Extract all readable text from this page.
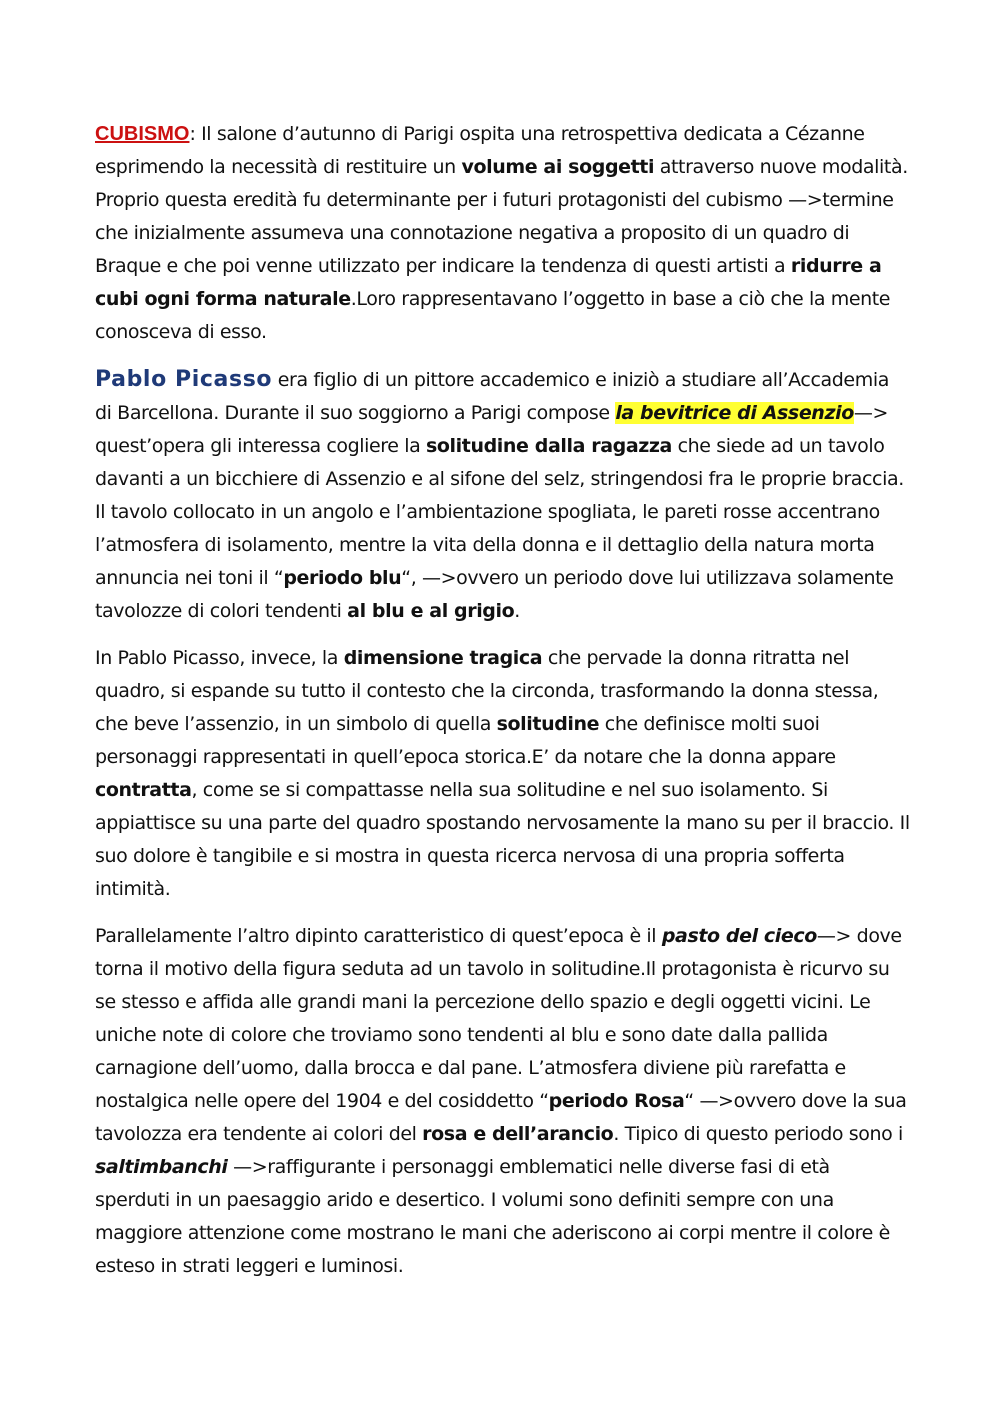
CUBISMO: Il salone d’autunno di Parigi ospita una retrospettiva dedicata a Cézanne esprimendo la necessità di restituire un volume ai soggetti attraverso nuove modalità. Proprio questa eredità fu determinante per i futuri protagonisti del cubismo —>termine che inizialmente assumeva una connotazione negativa a proposito di un quadro di Braque e che poi venne utilizzato per indicare la tendenza di questi artisti a ridurre a cubi ogni forma naturale.Loro rappresentavano l’oggetto in base a ciò che la mente conosceva di esso.

Pablo Picasso era figlio di un pittore accademico e iniziò a studiare all’Accademia di Barcellona. Durante il suo soggiorno a Parigi compose la bevitrice di Assenzio—> quest’opera gli interessa cogliere la solitudine dalla ragazza che siede ad un tavolo davanti a un bicchiere di Assenzio e al sifone del selz, stringendosi fra le proprie braccia. Il tavolo collocato in un angolo e l’ambientazione spogliata, le pareti rosse accentrano l’atmosfera di isolamento, mentre la vita della donna e il dettaglio della natura morta annuncia nei toni il “periodo blu“, —>ovvero un periodo dove lui utilizzava solamente tavolozze di colori tendenti al blu e al grigio.

In Pablo Picasso, invece, la dimensione tragica che pervade la donna ritratta nel quadro, si espande su tutto il contesto che la circonda, trasformando la donna stessa, che beve l’assenzio, in un simbolo di quella solitudine che definisce molti suoi personaggi rappresentati in quell’epoca storica.E’ da notare che la donna appare contratta, come se si compattasse nella sua solitudine e nel suo isolamento. Si appiattisce su una parte del quadro spostando nervosamente la mano su per il braccio. Il suo dolore è tangibile e si mostra in questa ricerca nervosa di una propria sofferta intimità.

Parallelamente l’altro dipinto caratteristico di quest’epoca è il pasto del cieco—> dove torna il motivo della figura seduta ad un tavolo in solitudine.Il protagonista è ricurvo su se stesso e affida alle grandi mani la percezione dello spazio e degli oggetti vicini. Le uniche note di colore che troviamo sono tendenti al blu e sono date dalla pallida carnagione dell’uomo, dalla brocca e dal pane. L’atmosfera diviene più rarefatta e nostalgica nelle opere del 1904 e del cosiddetto “periodo Rosa“ —>ovvero dove la sua tavolozza era tendente ai colori del rosa e dell’arancio. Tipico di questo periodo sono i saltimbanchi —>raffigurante i personaggi emblematici nelle diverse fasi di età sperduti in un paesaggio arido e desertico. I volumi sono definiti sempre con una maggiore attenzione come mostrano le mani che aderiscono ai corpi mentre il colore è esteso in strati leggeri e luminosi.
